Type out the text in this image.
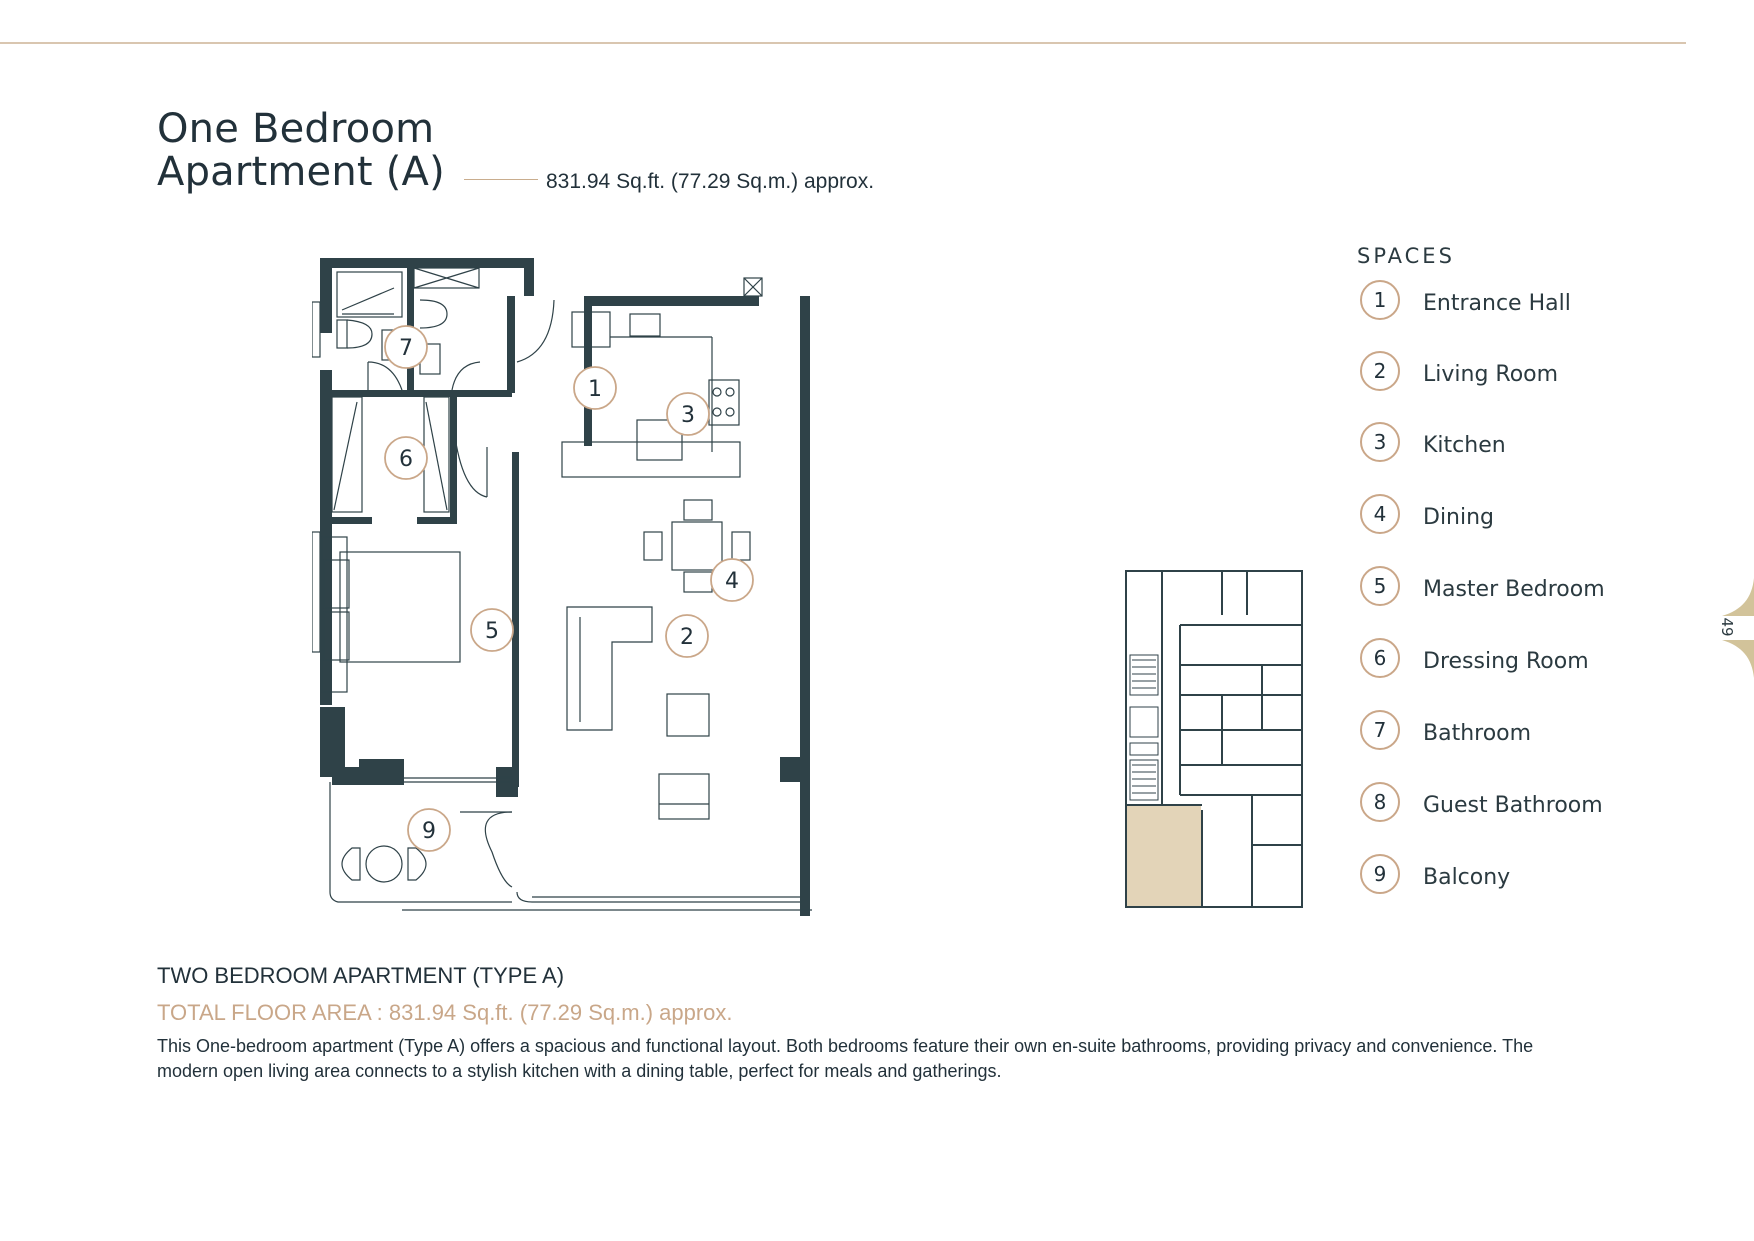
One Bedroom
Apartment (A)	831.94 Sq.ft. (77.29 Sq.m.) approx.
1
2
3
4
5
6
7
9
SPACES
1	Entrance Hall
2	Living Room
3	Kitchen
4	Dining
5	Master Bedroom
6	Dressing Room
7	Bathroom
8	Guest Bathroom
9	Balcony
49
TWO BEDROOM APARTMENT (TYPE A)
TOTAL FLOOR AREA : 831.94 Sq.ft. (77.29 Sq.m.) approx.
This One-bedroom apartment (Type A) offers a spacious and functional layout. Both bedrooms feature their own en-suite bathrooms, providing privacy and convenience. The modern open living area connects to a stylish kitchen with a dining table, perfect for meals and gatherings.
